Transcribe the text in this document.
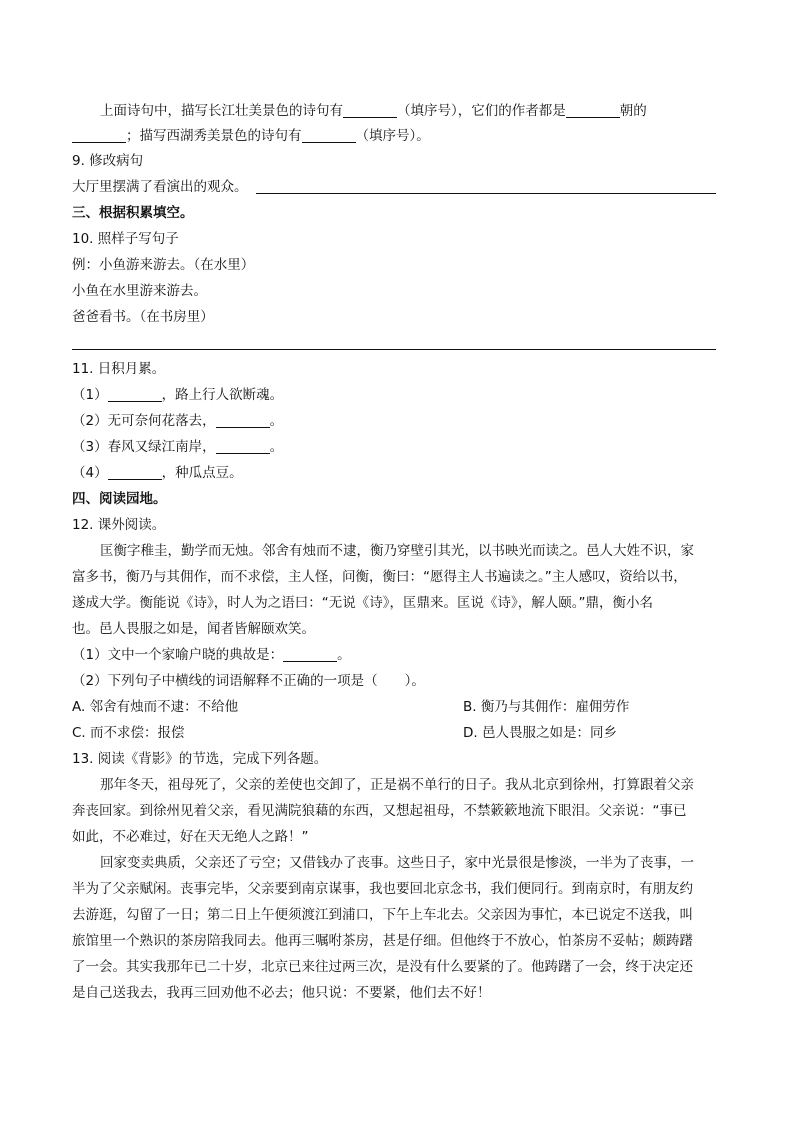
上面诗句中，描写长江壮美景色的诗句有	（填序号），它们的作者都是	朝的
；描写西湖秀美景色的诗句有	（填序号）。
9. 修改病句
大厅里摆满了看演出的观众。
三、根据积累填空。
10. 照样子写句子
例：小鱼游来游去。（在水里）
小鱼在水里游来游去。
爸爸看书。（在书房里）
11. 日积月累。
（1）	，路上行人欲断魂。
（2）无可奈何花落去，	。
（3）春风又绿江南岸，	。
（4）	，种瓜点豆。
四、阅读园地。
12. 课外阅读。
匡衡字稚圭，勤学而无烛。邻舍有烛而不逮，衡乃穿壁引其光，以书映光而读之。邑人大姓不识，家
富多书，衡乃与其佣作，而不求偿，主人怪，问衡，衡曰：“愿得主人书遍读之。”主人感叹，资给以书，
遂成大学。衡能说《诗》，时人为之语曰：“无说《诗》，匡鼎来。匡说《诗》，解人颐。”鼎，衡小名
也。邑人畏服之如是，闻者皆解颐欢笑。
（1）文中一个家喻户晓的典故是：	。
（2）下列句子中横线的词语解释不正确的一项是（　　）。
A. 邻舍有烛而不逮：不给他	B. 衡乃与其佣作：雇佣劳作
C. 而不求偿：报偿	D. 邑人畏服之如是：同乡
13. 阅读《背影》的节选，完成下列各题。
那年冬天，祖母死了，父亲的差使也交卸了，正是祸不单行的日子。我从北京到徐州，打算跟着父亲
奔丧回家。到徐州见着父亲，看见满院狼藉的东西，又想起祖母，不禁簌簌地流下眼泪。父亲说：“事已
如此，不必难过，好在天无绝人之路！”
回家变卖典质，父亲还了亏空；又借钱办了丧事。这些日子，家中光景很是惨淡，一半为了丧事，一
半为了父亲赋闲。丧事完毕，父亲要到南京谋事，我也要回北京念书，我们便同行。到南京时，有朋友约
去游逛，勾留了一日；第二日上午便须渡江到浦口，下午上车北去。父亲因为事忙，本已说定不送我，叫
旅馆里一个熟识的茶房陪我同去。他再三嘱咐茶房，甚是仔细。但他终于不放心，怕茶房不妥帖；颇踌躇
了一会。其实我那年已二十岁，北京已来往过两三次，是没有什么要紧的了。他踌躇了一会，终于决定还
是自己送我去，我再三回劝他不必去；他只说：不要紧，他们去不好！
